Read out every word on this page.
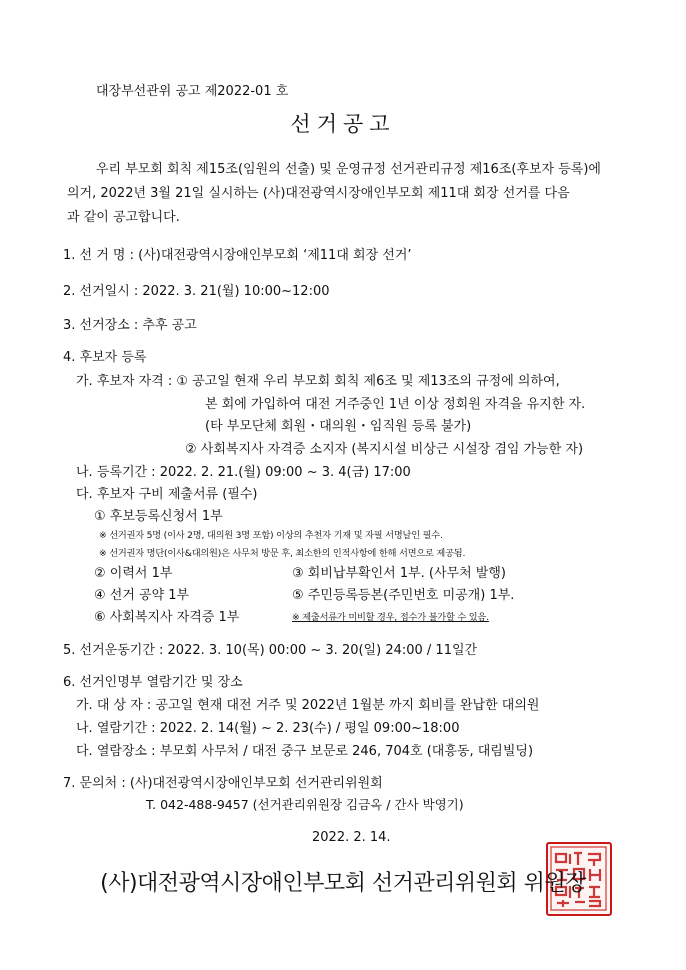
대장부선관위 공고 제2022-01 호
선거공고
우리 부모회 회칙 제15조(임원의 선출) 및 운영규정 선거관리규정 제16조(후보자 등록)에
의거, 2022년 3월 21일 실시하는 (사)대전광역시장애인부모회 제11대 회장 선거를 다음
과 같이 공고합니다.
1. 선 거 명 : (사)대전광역시장애인부모회 ‘제11대 회장 선거’
2. 선거일시 : 2022. 3. 21(월) 10:00~12:00
3. 선거장소 : 추후 공고
4. 후보자 등록
가. 후보자 자격 : ① 공고일 현재 우리 부모회 회칙 제6조 및 제13조의 규정에 의하여,
본 회에 가입하여 대전 거주중인 1년 이상 정회원 자격을 유지한 자.
(타 부모단체 회원・대의원・임직원 등록 불가)
② 사회복지사 자격증 소지자 (복지시설 비상근 시설장 겸임 가능한 자)
나. 등록기간 : 2022. 2. 21.(월) 09:00 ~ 3. 4(금) 17:00
다. 후보자 구비 제출서류 (필수)
① 후보등록신청서 1부
※ 선거권자 5명 (이사 2명, 대의원 3명 포함) 이상의 추천자 기재 및 자필 서명날인 필수.
※ 선거권자 명단(이사&대의원)은 사무처 방문 후, 최소한의 인적사항에 한해 서면으로 제공됨.
② 이력서 1부	③ 회비납부확인서 1부. (사무처 발행)
④ 선거 공약 1부	⑤ 주민등록등본(주민번호 미공개) 1부.
⑥ 사회복지사 자격증 1부	※ 제출서류가 미비할 경우, 접수가 불가할 수 있음.
5. 선거운동기간 : 2022. 3. 10(목) 00:00 ~ 3. 20(일) 24:00 / 11일간
6. 선거인명부 열람기간 및 장소
가. 대 상 자 : 공고일 현재 대전 거주 및 2022년 1월분 까지 회비를 완납한 대의원
나. 열람기간 : 2022. 2. 14(월) ~ 2. 23(수) / 평일 09:00~18:00
다. 열람장소 : 부모회 사무처 / 대전 중구 보문로 246, 704호 (대흥동, 대림빌딩)
7. 문의처 : (사)대전광역시장애인부모회 선거관리위원회
T. 042-488-9457 (선거관리위원장 김금옥 / 간사 박영기)
2022. 2. 14.
(사)대전광역시장애인부모회 선거관리위원회 위원장
